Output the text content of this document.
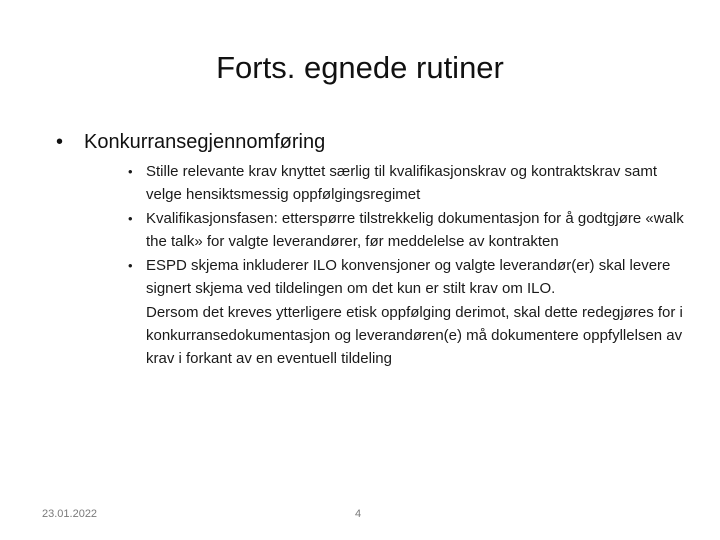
Forts. egnede rutiner
• Konkurransegjennomføring
• Stille relevante krav knyttet særlig til kvalifikasjonskrav og kontraktskrav samt velge hensiktsmessig oppfølgingsregimet
• Kvalifikasjonsfasen: etterspørre tilstrekkelig dokumentasjon for å godtgjøre «walk the talk» for valgte leverandører, før meddelelse av kontrakten
• ESPD skjema inkluderer ILO konvensjoner og valgte leverandør(er) skal levere signert skjema ved tildelingen om det kun er stilt krav om ILO.
Dersom det kreves ytterligere etisk oppfølging derimot, skal dette redegjøres for i konkurransedokumentasjon og leverandøren(e) må dokumentere oppfyllelsen av krav i forkant av en eventuell tildeling
23.01.2022	4
